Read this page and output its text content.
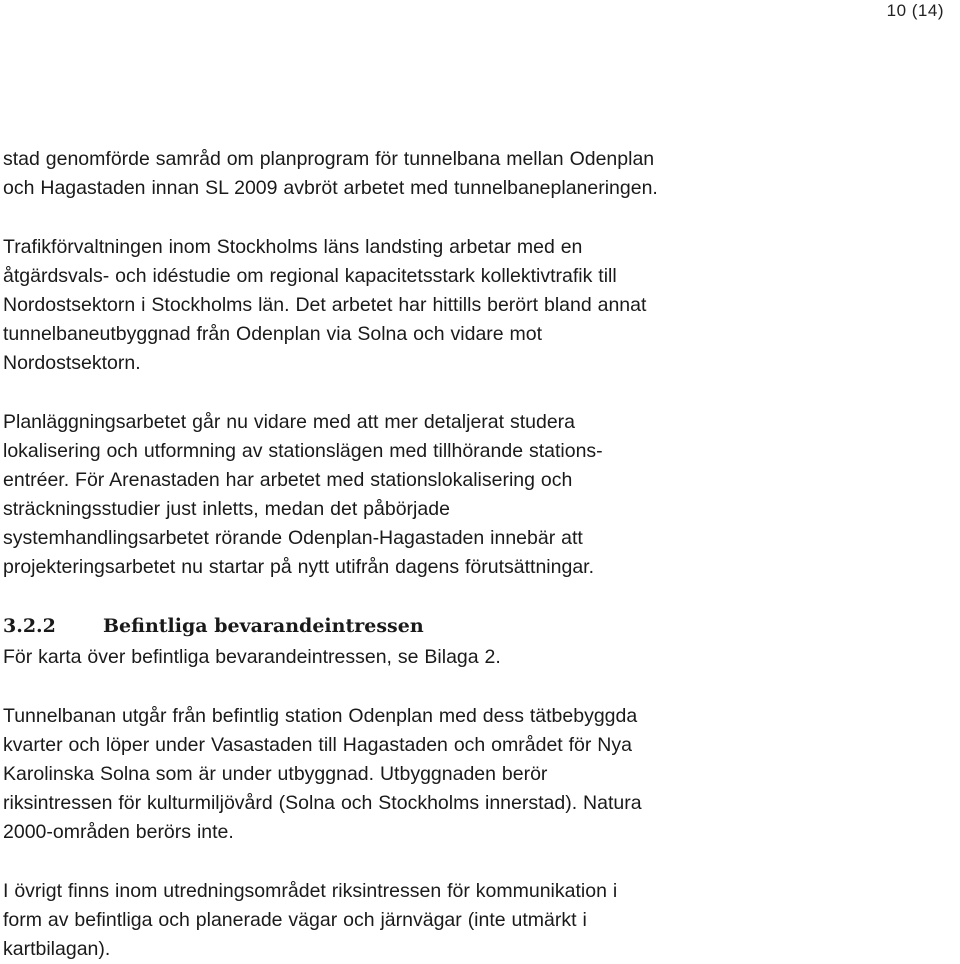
10 (14)
stad genomförde samråd om planprogram för tunnelbana mellan Odenplan
och Hagastaden innan SL 2009 avbröt arbetet med tunnelbaneplaneringen.
Trafikförvaltningen inom Stockholms läns landsting arbetar med en
åtgärdsvals- och idéstudie om regional kapacitetsstark kollektivtrafik till
Nordostsektorn i Stockholms län. Det arbetet har hittills berört bland annat
tunnelbaneutbyggnad från Odenplan via Solna och vidare mot
Nordostsektorn.
Planläggningsarbetet går nu vidare med att mer detaljerat studera
lokalisering och utformning av stationslägen med tillhörande stations-
entréer. För Arenastaden har arbetet med stationslokalisering och
sträckningsstudier just inletts, medan det påbörjade
systemhandlingsarbetet rörande Odenplan-Hagastaden innebär att
projekteringsarbetet nu startar på nytt utifrån dagens förutsättningar.
3.2.2 Befintliga bevarandeintressen
För karta över befintliga bevarandeintressen, se Bilaga 2.
Tunnelbanan utgår från befintlig station Odenplan med dess tätbebyggda
kvarter och löper under Vasastaden till Hagastaden och området för Nya
Karolinska Solna som är under utbyggnad. Utbyggnaden berör
riksintressen för kulturmiljövård (Solna och Stockholms innerstad). Natura
2000-områden berörs inte.
I övrigt finns inom utredningsområdet riksintressen för kommunikation i
form av befintliga och planerade vägar och järnvägar (inte utmärkt i
kartbilagan).
